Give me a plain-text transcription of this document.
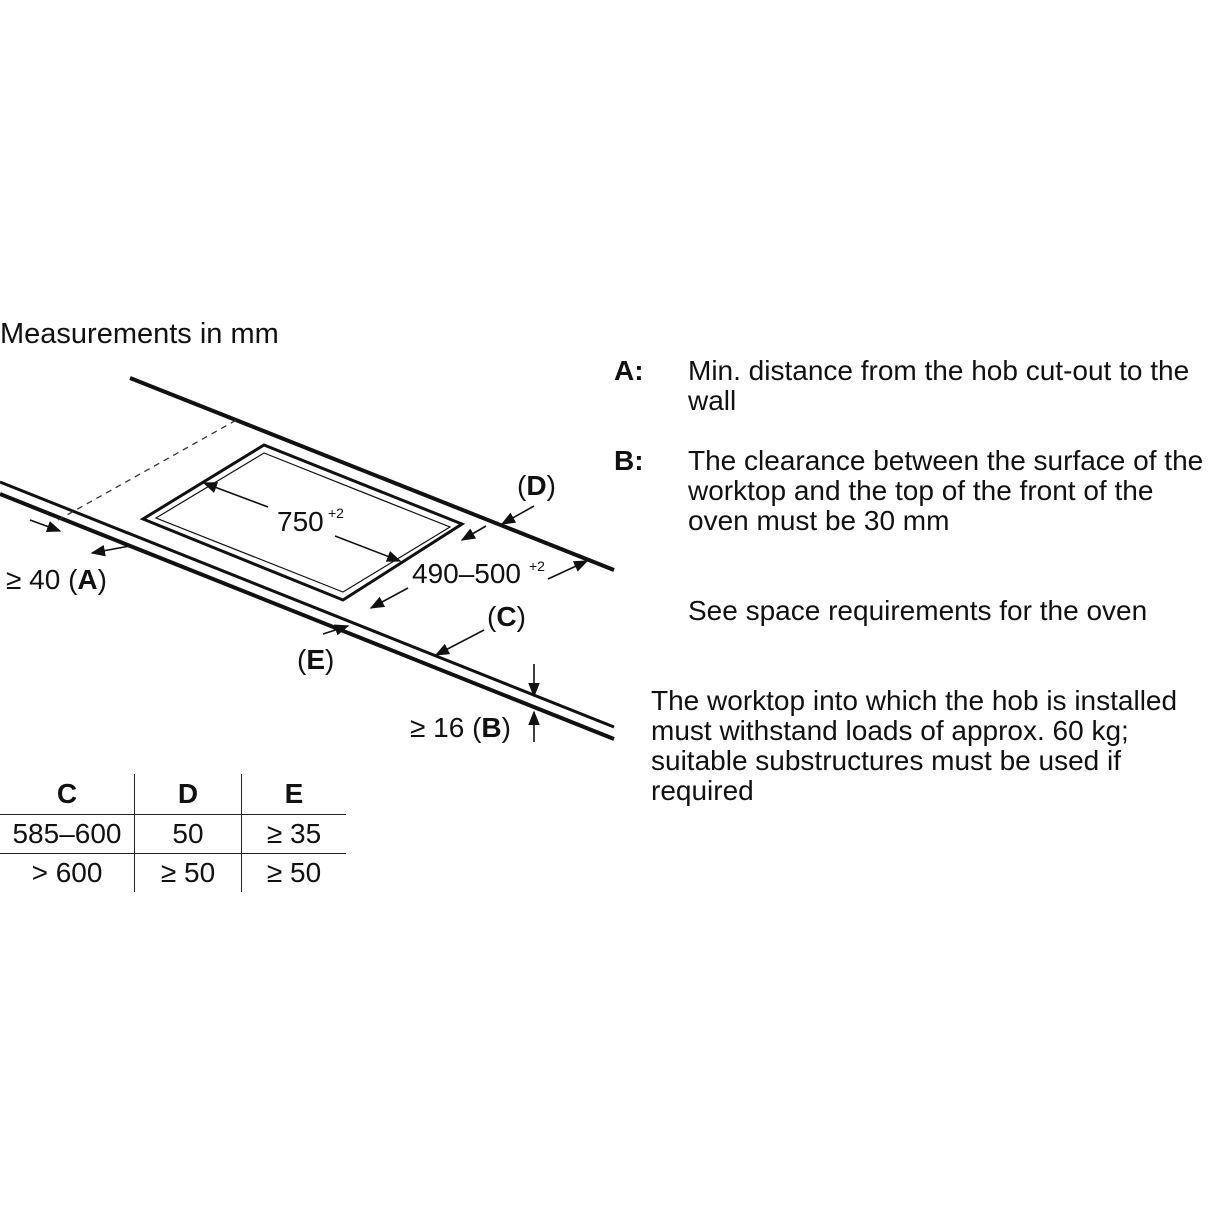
Measurements in mm
750 +2
490–500 +2
(D)
(C)
(E)
≥ 40 (A)
≥ 16 (B)
A: Min. distance from the hob cut-out to the wall
B: The clearance between the surface of the worktop and the top of the front of the oven must be 30 mm
See space requirements for the oven
The worktop into which the hob is installed must withstand loads of approx. 60 kg; suitable substructures must be used if required
C	D	E
585–600	50	≥ 35
> 600	≥ 50	≥ 50
